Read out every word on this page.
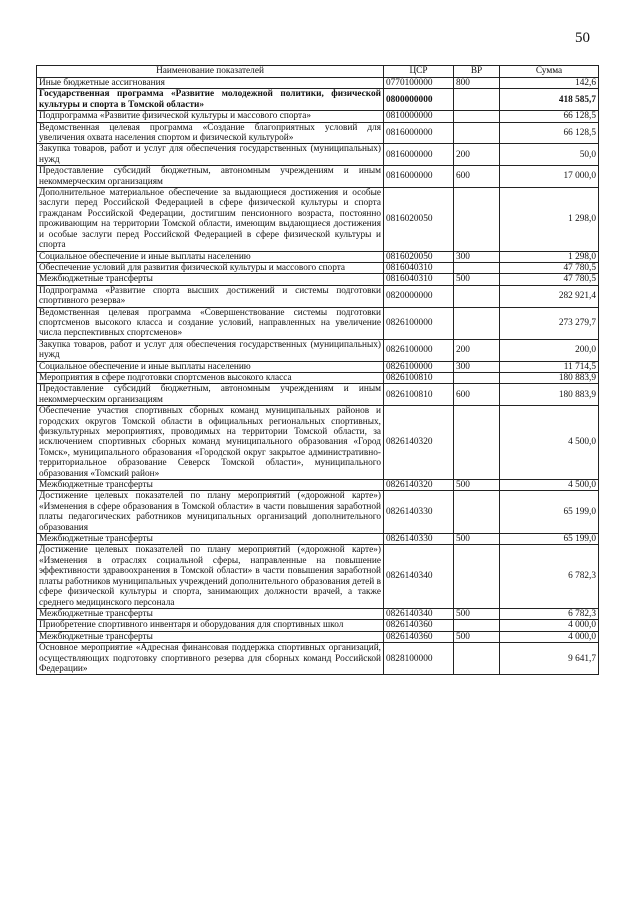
50
Наименование показателей	ЦСР	ВР	Сумма
Иные бюджетные ассигнования	0770100000	800	142,6
Государственная программа «Развитие молодежной политики, физической культуры и спорта в Томской области»	0800000000		418 585,7
Подпрограмма «Развитие физической культуры и массового спорта»	0810000000		66 128,5
Ведомственная целевая программа «Создание благоприятных условий для увеличения охвата населения спортом и физической культурой»	0816000000		66 128,5
Закупка товаров, работ и услуг для обеспечения государственных (муниципальных) нужд	0816000000	200	50,0
Предоставление субсидий бюджетным, автономным учреждениям и иным некоммерческим организациям	0816000000	600	17 000,0
Дополнительное материальное обеспечение за выдающиеся достижения и особые заслуги перед Российской Федерацией в сфере физической культуры и спорта гражданам Российской Федерации, достигшим пенсионного возраста, постоянно проживающим на территории Томской области, имеющим выдающиеся достижения и особые заслуги перед Российской Федерацией в сфере физической культуры и спорта	0816020050		1 298,0
Социальное обеспечение и иные выплаты населению	0816020050	300	1 298,0
Обеспечение условий для развития физической культуры и массового спорта	0816040310		47 780,5
Межбюджетные трансферты	0816040310	500	47 780,5
Подпрограмма «Развитие спорта высших достижений и системы подготовки спортивного резерва»	0820000000		282 921,4
Ведомственная целевая программа «Совершенствование системы подготовки спортсменов высокого класса и создание условий, направленных на увеличение числа перспективных спортсменов»	0826100000		273 279,7
Закупка товаров, работ и услуг для обеспечения государственных (муниципальных) нужд	0826100000	200	200,0
Социальное обеспечение и иные выплаты населению	0826100000	300	11 714,5
Мероприятия в сфере подготовки спортсменов высокого класса	0826100810		180 883,9
Предоставление субсидий бюджетным, автономным учреждениям и иным некоммерческим организациям	0826100810	600	180 883,9
Обеспечение участия спортивных сборных команд муниципальных районов и городских округов Томской области в официальных региональных спортивных, физкультурных мероприятиях, проводимых на территории Томской области, за исключением спортивных сборных команд муниципального образования «Город Томск», муниципального образования «Городской округ закрытое административно-территориальное образование Северск Томской области», муниципального образования «Томский район»	0826140320		4 500,0
Межбюджетные трансферты	0826140320	500	4 500,0
Достижение целевых показателей по плану мероприятий («дорожной карте») «Изменения в сфере образования в Томской области» в части повышения заработной платы педагогических работников муниципальных организаций дополнительного образования	0826140330		65 199,0
Межбюджетные трансферты	0826140330	500	65 199,0
Достижение целевых показателей по плану мероприятий («дорожной карте») «Изменения в отраслях социальной сферы, направленные на повышение эффективности здравоохранения в Томской области» в части повышения заработной платы работников муниципальных учреждений дополнительного образования детей в сфере физической культуры и спорта, занимающих должности врачей, а также среднего медицинского персонала	0826140340		6 782,3
Межбюджетные трансферты	0826140340	500	6 782,3
Приобретение спортивного инвентаря и оборудования для спортивных школ	0826140360		4 000,0
Межбюджетные трансферты	0826140360	500	4 000,0
Основное мероприятие «Адресная финансовая поддержка спортивных организаций, осуществляющих подготовку спортивного резерва для сборных команд Российской Федерации»	0828100000		9 641,7
